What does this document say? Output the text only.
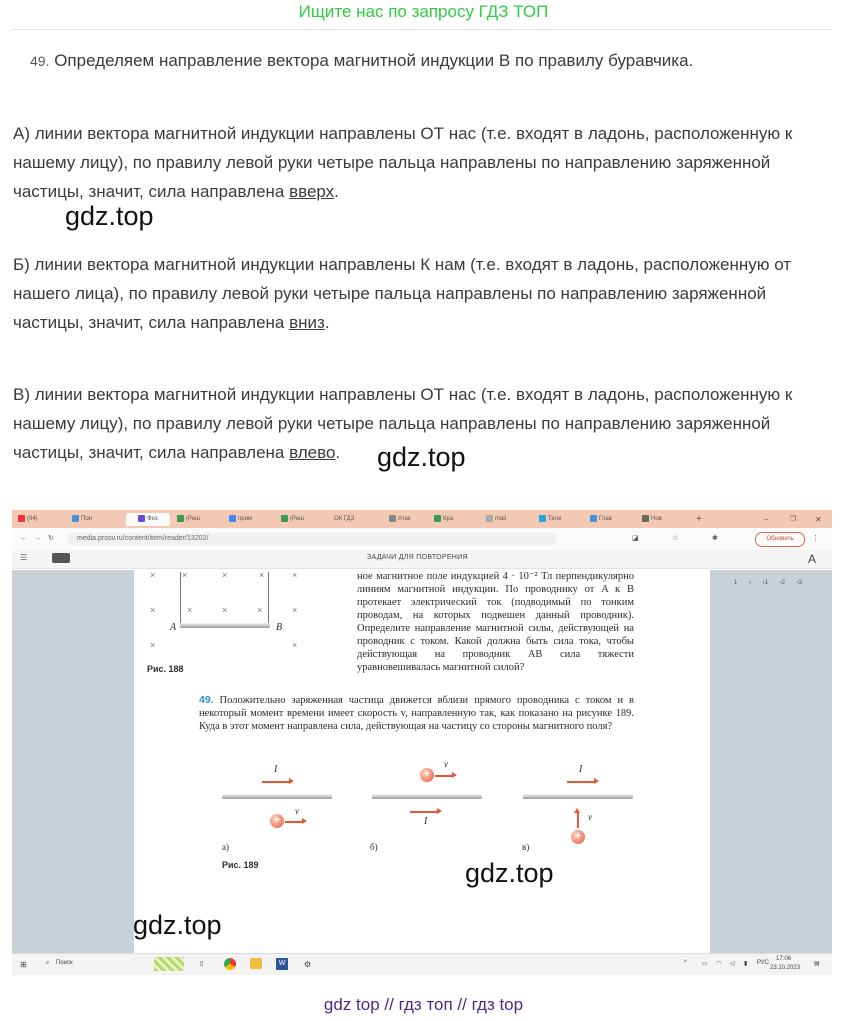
Ищите нас по запросу ГДЗ ТОП
49. Определяем направление вектора магнитной индукции В по правилу буравчика.
А) линии вектора магнитной индукции направлены ОТ нас (т.е. входят в ладонь, расположенную к нашему лицу), по правилу левой руки четыре пальца направлены по направлению заряженной частицы, значит, сила направлена вверх.
gdz.top
Б) линии вектора магнитной индукции направлены К нам (т.е. входят в ладонь, расположенную от нашего лица), по правилу левой руки четыре пальца направлены по направлению заряженной частицы, значит, сила направлена вниз.
В) линии вектора магнитной индукции направлены ОТ нас (т.е. входят в ладонь, расположенную к нашему лицу), по правилу левой руки четыре пальца направлены по направлению заряженной частицы, значит, сила направлена влево.	gdz.top
(94)	Пон	Физ	(Реш	прим	(Реш	ОК ГДЗ	Атак	Кра	mail	Теле	Глав	Нов	+	–	❐ ✕
← → ↻	media.prosv.ru/content/item/reader/13202/	◪	☆	✱	Обновить	⋮
☰	ЗАДАЧИ ДЛЯ ПОВТОРЕНИЯ	A
1 ‹ ‹1 ‹2 ‹3
×	×	×	×	×
×	×	×	×	×
×	×
A	B
Рис. 188
ное магнитное поле индукцией 4 · 10⁻² Тл перпендикулярно линиям магнитной индукции. По проводнику от A к B протекает электрический ток (подводимый по тонким проводам, на которых подвешен данный проводник). Определите направление магнитной силы, действующей на проводник с током. Какой должна быть сила тока, чтобы действующая на проводник AB сила тяжести уравновешивалась магнитной силой?
49. Положительно заряженная частица движется вблизи прямого проводника с током и в некоторый момент времени имеет скорость v, направленную так, как показано на рисунке 189. Куда в этот момент направлена сила, действующая на частицу со стороны магнитного поля?
I
+
v
а)
+
v
I
б)
I
v
+
в)
Рис. 189
⊞	⌕ Поиск	▯	W	⚙	^	▭ ◠ ◁ ▮ РУС
17:06
23.10.2023
▤
gdz.top
gdz.top
gdz top // гдз топ // гдз top
